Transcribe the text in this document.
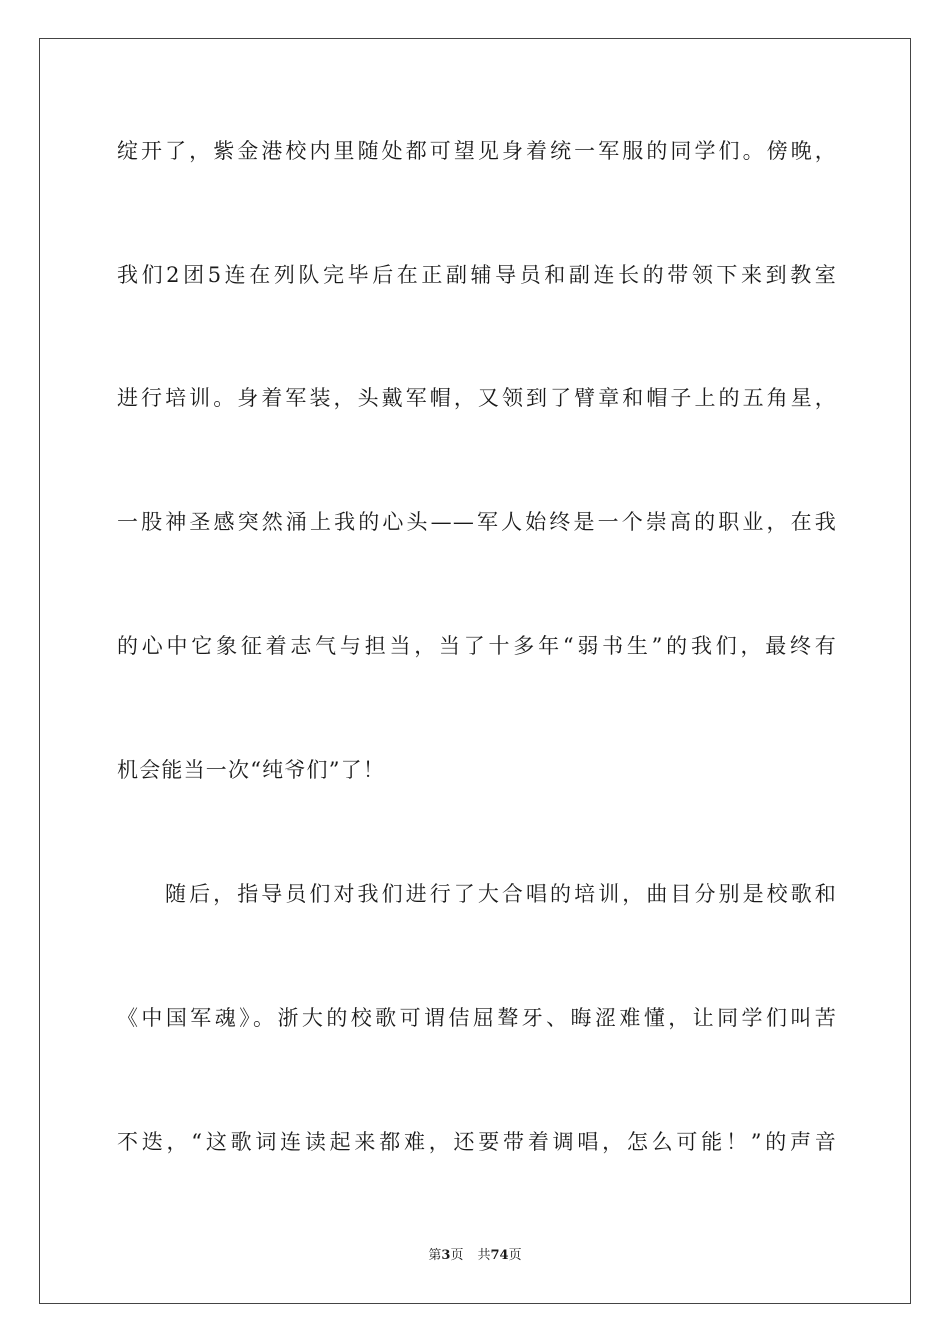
绽开了，紫金港校内里随处都可望见身着统一军服的同学们。傍晚，
我们2团5连在列队完毕后在正副辅导员和副连长的带领下来到教室
进行培训。身着军装，头戴军帽，又领到了臂章和帽子上的五角星，
一股神圣感突然涌上我的心头——军人始终是一个崇高的职业，在我
的心中它象征着志气与担当，当了十多年“弱书生”的我们，最终有
机会能当一次“纯爷们”了！
随后，指导员们对我们进行了大合唱的培训，曲目分别是校歌和
《中国军魂》。浙大的校歌可谓佶屈聱牙、晦涩难懂，让同学们叫苦
不迭，“这歌词连读起来都难，还要带着调唱，怎么可能！”的声音
第3页 共74页
